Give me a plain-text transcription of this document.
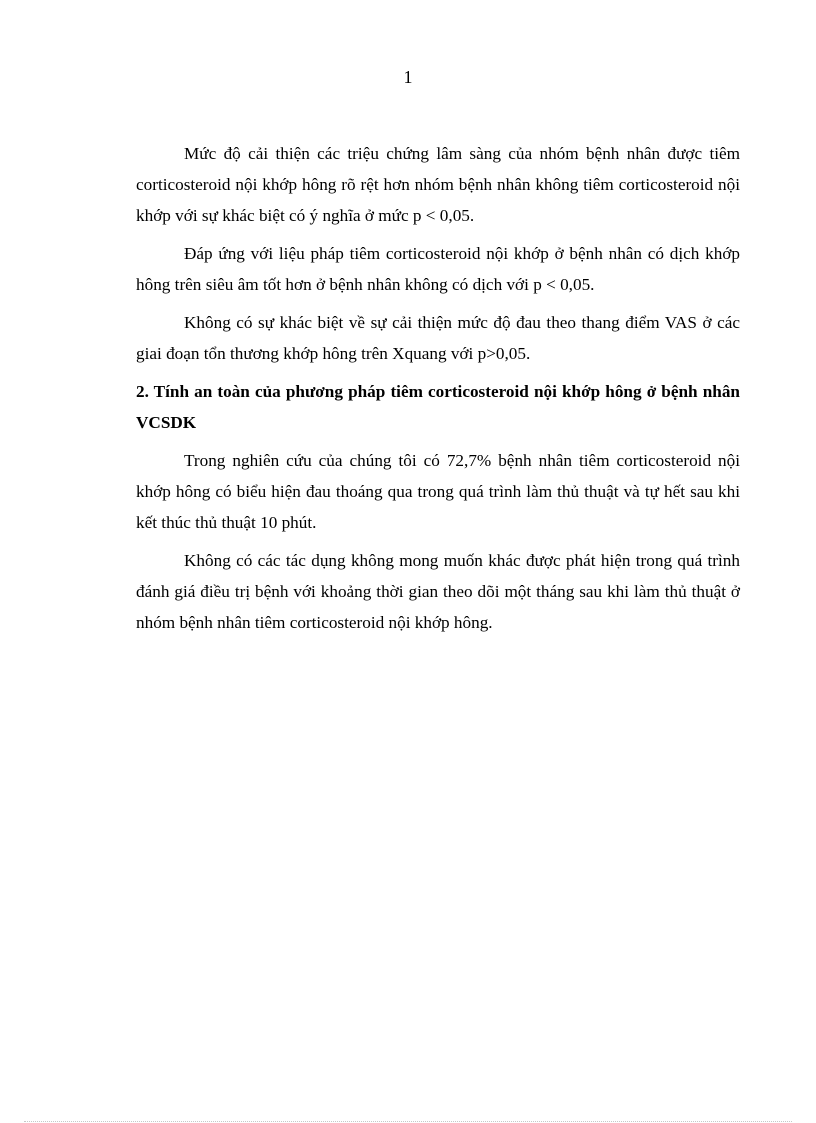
1

Mức độ cải thiện các triệu chứng lâm sàng của nhóm bệnh nhân được tiêm corticosteroid nội khớp hông rõ rệt hơn nhóm bệnh nhân không tiêm corticosteroid nội khớp với sự khác biệt có ý nghĩa ở mức p < 0,05.

Đáp ứng với liệu pháp tiêm corticosteroid nội khớp ở bệnh nhân có dịch khớp hông trên siêu âm tốt hơn ở bệnh nhân không có dịch với p < 0,05.

Không có sự khác biệt về sự cải thiện mức độ đau theo thang điểm VAS ở các giai đoạn tổn thương khớp hông trên Xquang với p>0,05.

2. Tính an toàn của phương pháp tiêm corticosteroid nội khớp hông ở bệnh nhân VCSDK

Trong nghiên cứu của chúng tôi có 72,7% bệnh nhân tiêm corticosteroid nội khớp hông có biểu hiện đau thoáng qua trong quá trình làm thủ thuật và tự hết sau khi kết thúc thủ thuật 10 phút.

Không có các tác dụng không mong muốn khác được phát hiện trong quá trình đánh giá điều trị bệnh với khoảng thời gian theo dõi một tháng sau khi làm thủ thuật ở nhóm bệnh nhân tiêm corticosteroid nội khớp hông.
